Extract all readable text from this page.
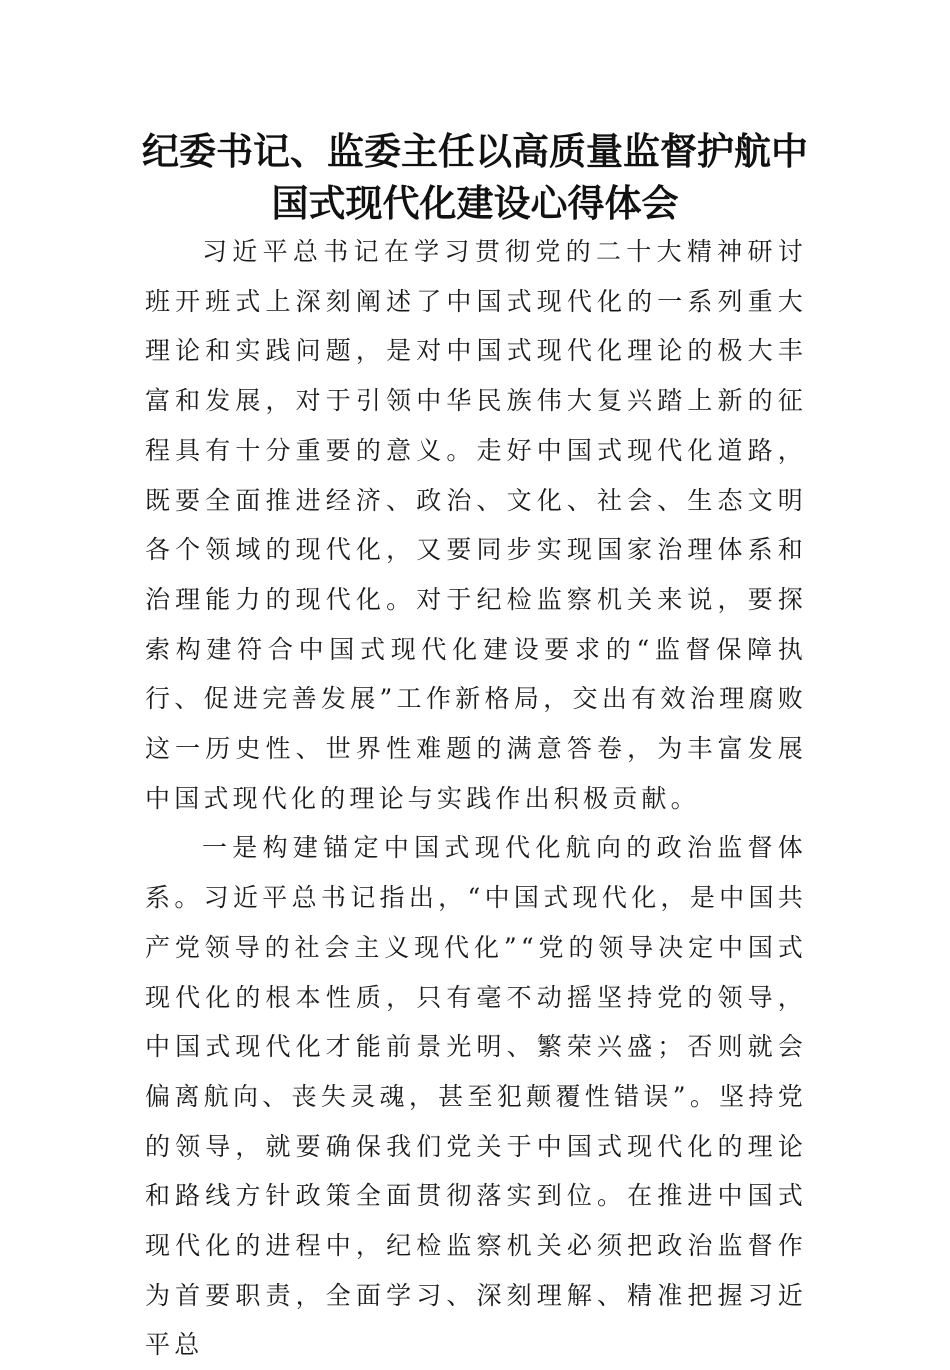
纪委书记、监委主任以高质量监督护航中国式现代化建设心得体会

习近平总书记在学习贯彻党的二十大精神研讨班开班式上深刻阐述了中国式现代化的一系列重大理论和实践问题，是对中国式现代化理论的极大丰富和发展，对于引领中华民族伟大复兴踏上新的征程具有十分重要的意义。走好中国式现代化道路，既要全面推进经济、政治、文化、社会、生态文明各个领域的现代化，又要同步实现国家治理体系和治理能力的现代化。对于纪检监察机关来说，要探索构建符合中国式现代化建设要求的“监督保障执行、促进完善发展”工作新格局，交出有效治理腐败这一历史性、世界性难题的满意答卷，为丰富发展中国式现代化的理论与实践作出积极贡献。

一是构建锚定中国式现代化航向的政治监督体系。习近平总书记指出，“中国式现代化，是中国共产党领导的社会主义现代化”“党的领导决定中国式现代化的根本性质，只有毫不动摇坚持党的领导，中国式现代化才能前景光明、繁荣兴盛；否则就会偏离航向、丧失灵魂，甚至犯颠覆性错误”。坚持党的领导，就要确保我们党关于中国式现代化的理论和路线方针政策全面贯彻落实到位。在推进中国式现代化的进程中，纪检监察机关必须把政治监督作为首要职责，全面学习、深刻理解、精准把握习近平总
